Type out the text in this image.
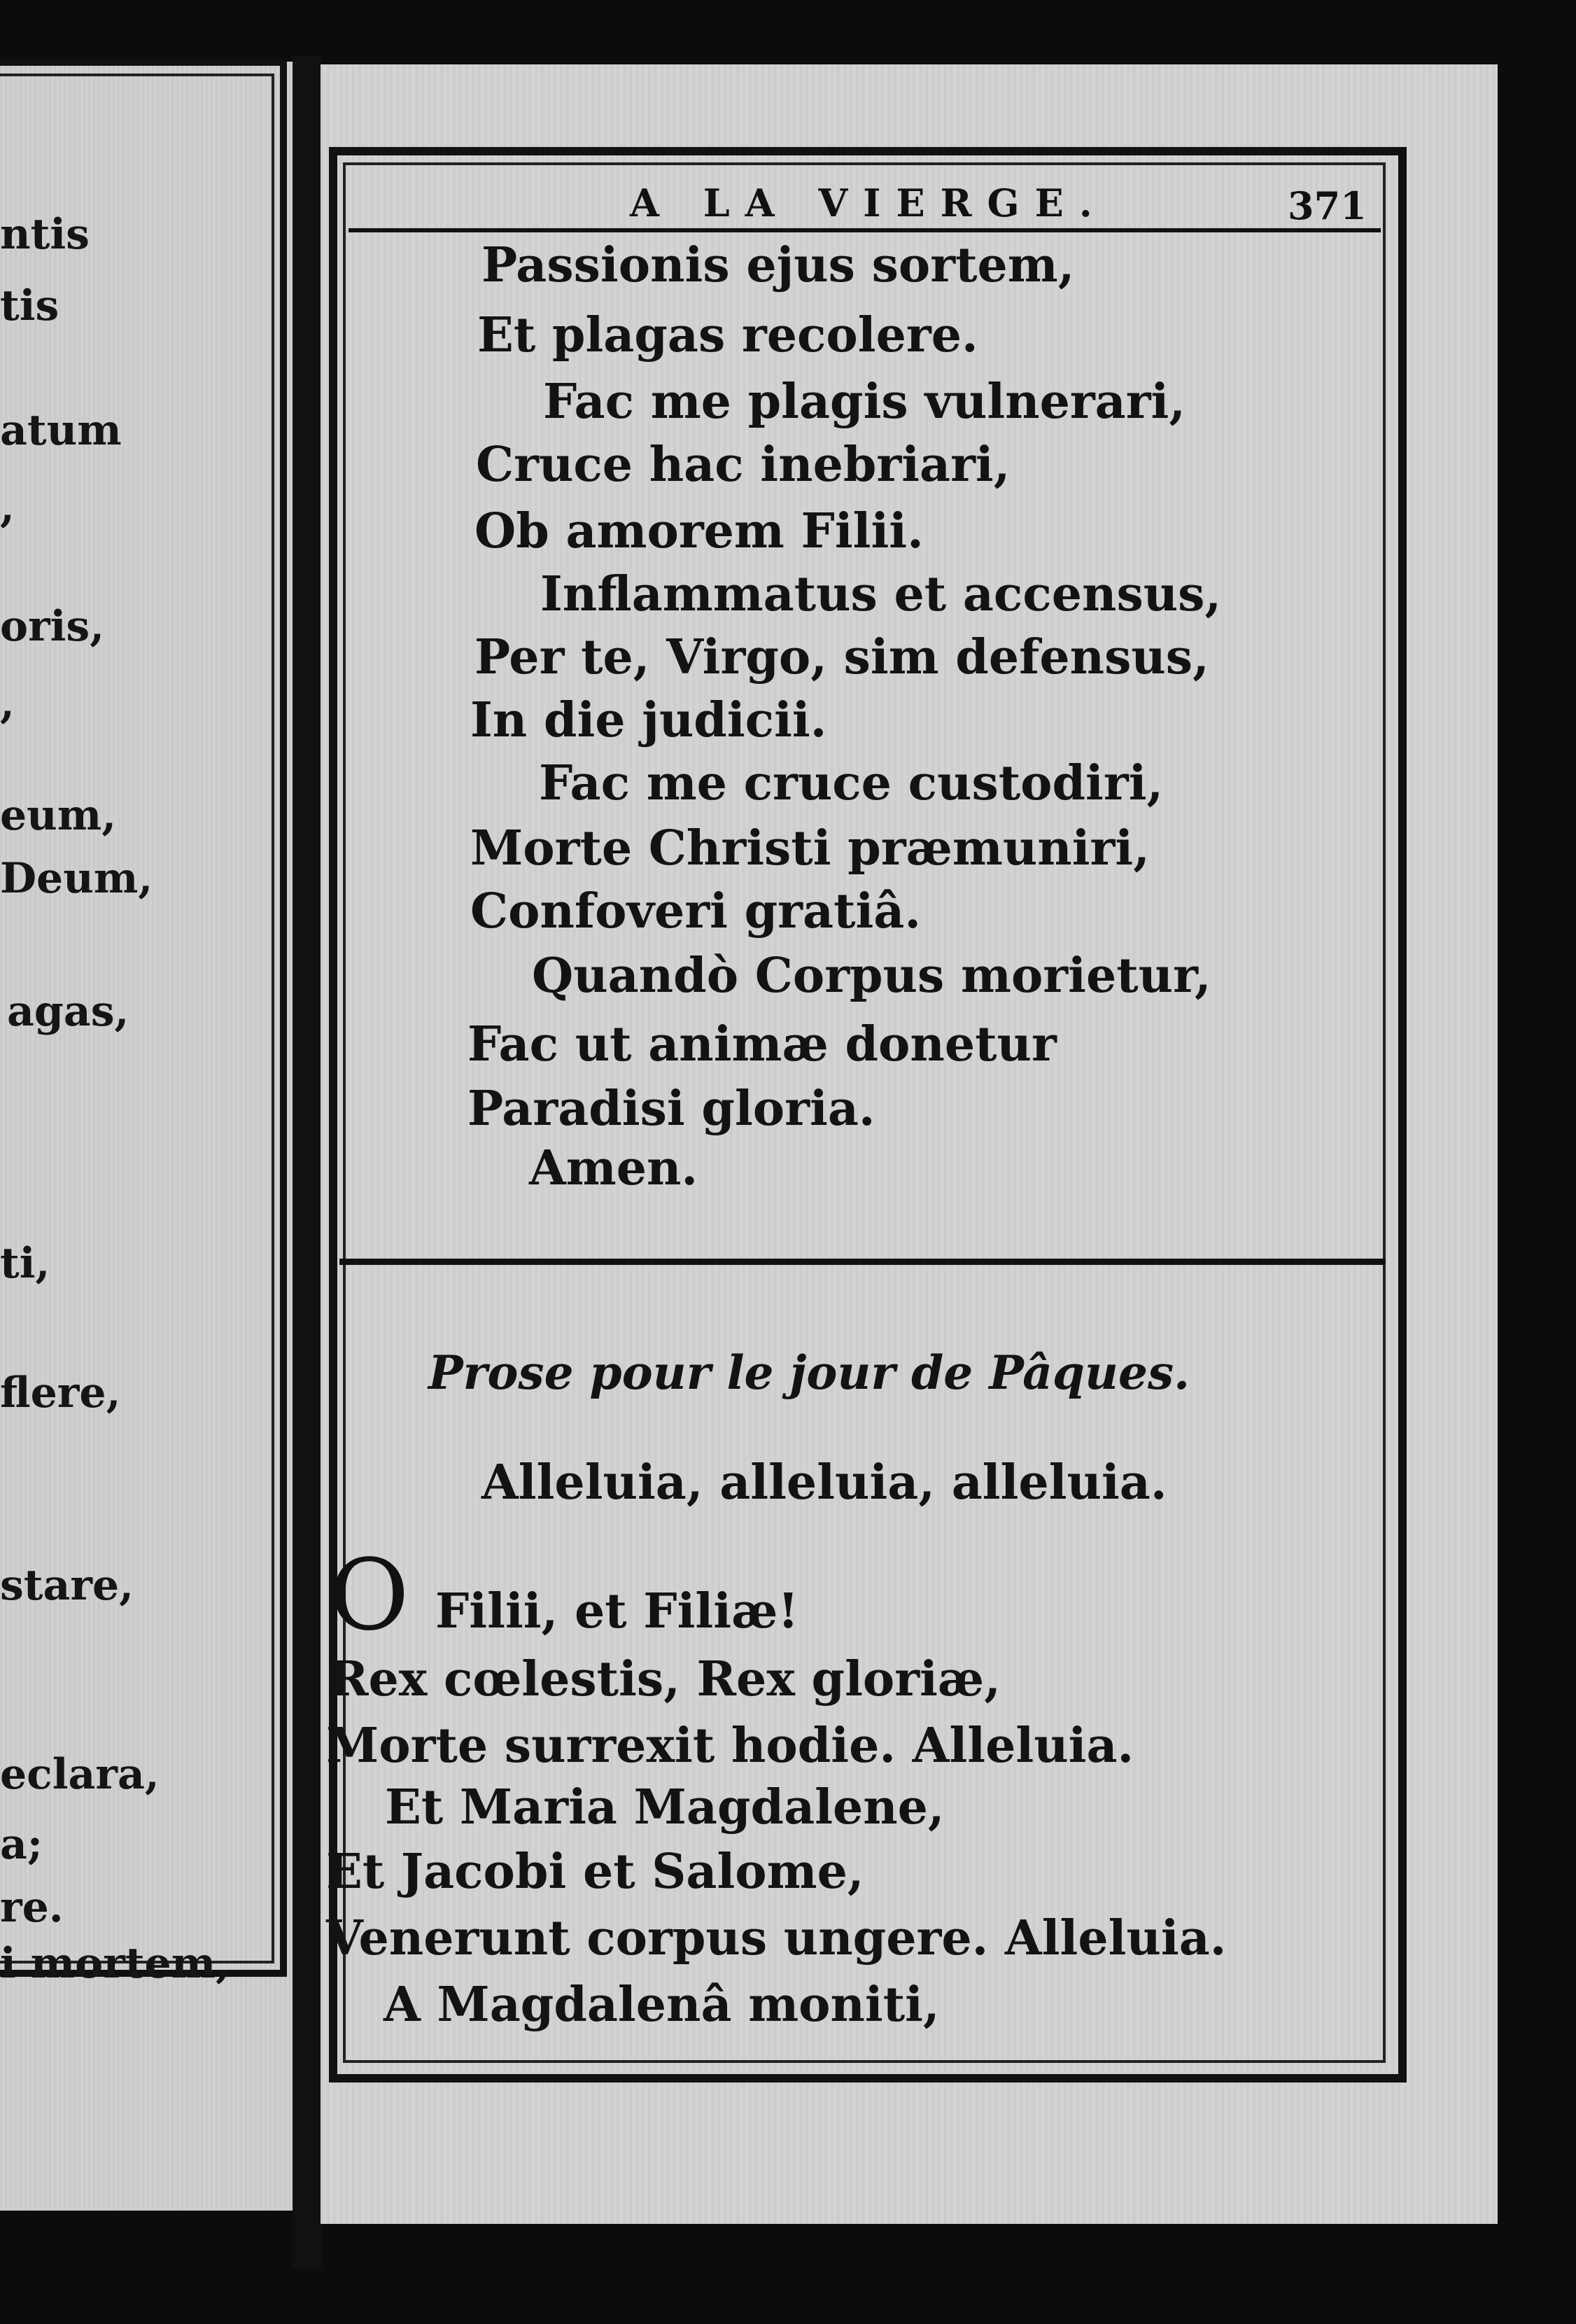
ntis
tis
atum
,
oris,
,
eum,
Deum,
agas,
ti,
flere,
stare,
eclara,
a;
re.
i mortem,
A LA VIERGE.	371
Passionis ejus sortem,
Et plagas recolere.
Fac me plagis vulnerari,
Cruce hac inebriari,
Ob amorem Filii.
Inflammatus et accensus,
Per te, Virgo, sim defensus,
In die judicii.
Fac me cruce custodiri,
Morte Christi præmuniri,
Confoveri gratiâ.
Quandò Corpus morietur,
Fac ut animæ donetur
Paradisi gloria.
Amen.
Prose pour le jour de Pâques.
Alleluia, alleluia, alleluia.
O Filii, et Filiæ!
Rex cœlestis, Rex gloriæ,
Morte surrexit hodie. Alleluia.
Et Maria Magdalene,
Et Jacobi et Salome,
Venerunt corpus ungere. Alleluia.
A Magdalenâ moniti,
